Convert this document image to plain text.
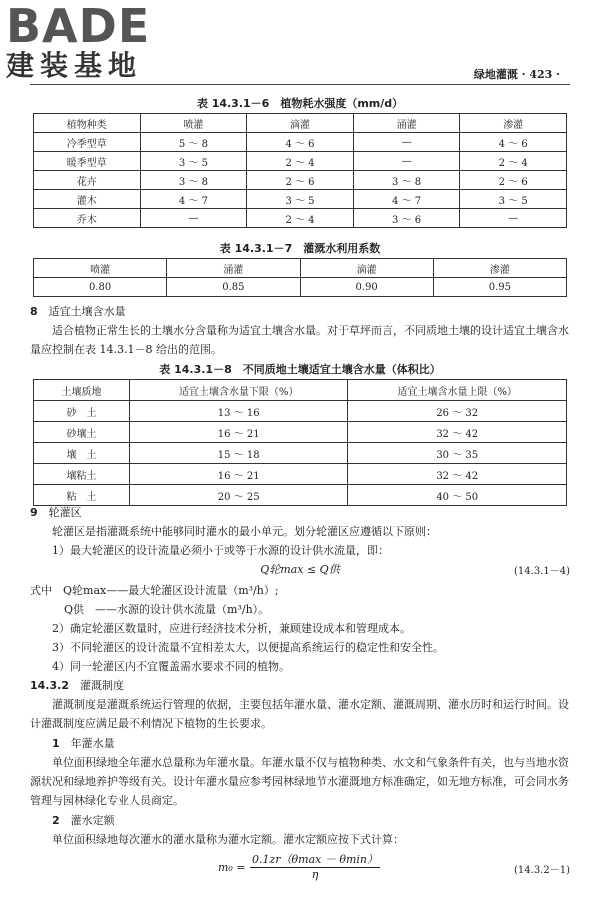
BADE
建装基地	绿地灌溉 · 423 ·
表 14.3.1－6　植物耗水强度（mm/d）
植物种类	喷灌	滴灌	涌灌	渗灌
冷季型草	5 ～ 8	4 ～ 6	—	4 ～ 6
暖季型草	3 ～ 5	2 ～ 4	—	2 ～ 4
花卉	3 ～ 8	2 ～ 6	3 ～ 8	2 ～ 6
灌木	4 ～ 7	3 ～ 5	4 ～ 7	3 ～ 5
乔木	—	2 ～ 4	3 ～ 6	—
表 14.3.1－7　灌溉水利用系数
喷灌	涌灌	滴灌	渗灌
0.80	0.85	0.90	0.95
8　 适宜土壤含水量
适合植物正常生长的土壤水分含量称为适宜土壤含水量。对于草坪而言，不同质地土壤的设计适宜土壤含水量应控制在表 14.3.1－8 给出的范围。
表 14.3.1－8　不同质地土壤适宜土壤含水量（体积比）
土壤质地	适宜土壤含水量下限（%）	适宜土壤含水量上限（%）
砂　土	13 ～ 16	26 ～ 32
砂壤土	16 ～ 21	32 ～ 42
壤　土	15 ～ 18	30 ～ 35
壤粘土	16 ～ 21	32 ～ 42
粘　土	20 ～ 25	40 ～ 50
9　 轮灌区
轮灌区是指灌溉系统中能够同时灌水的最小单元。划分轮灌区应遵循以下原则：
1）最大轮灌区的设计流量必须小于或等于水源的设计供水流量，即：
Q轮max ≤ Q供	(14.3.1－4)
式中　Q轮max——最大轮灌区设计流量（m³/h）;
Q供　——水源的设计供水流量（m³/h）。
2）确定轮灌区数量时，应进行经济技术分析，兼顾建设成本和管理成本。
3）不同轮灌区的设计流量不宜相差太大，以便提高系统运行的稳定性和安全性。
4）同一轮灌区内不宜覆盖需水要求不同的植物。
14.3.2　 灌溉制度
灌溉制度是灌溉系统运行管理的依据，主要包括年灌水量、灌水定额、灌溉周期、灌水历时和运行时间。设计灌溉制度应满足最不利情况下植物的生长要求。
1　 年灌水量
单位面积绿地全年灌水总量称为年灌水量。年灌水量不仅与植物种类、水文和气象条件有关，也与当地水资源状况和绿地养护等级有关。设计年灌水量应参考园林绿地节水灌溉地方标准确定，如无地方标准，可会同水务管理与园林绿化专业人员商定。
2　 灌水定额
单位面积绿地每次灌水的灌水量称为灌水定额。灌水定额应按下式计算：
m₀ =
0.1zr（θmax － θmin）
η	(14.3.2－1)
